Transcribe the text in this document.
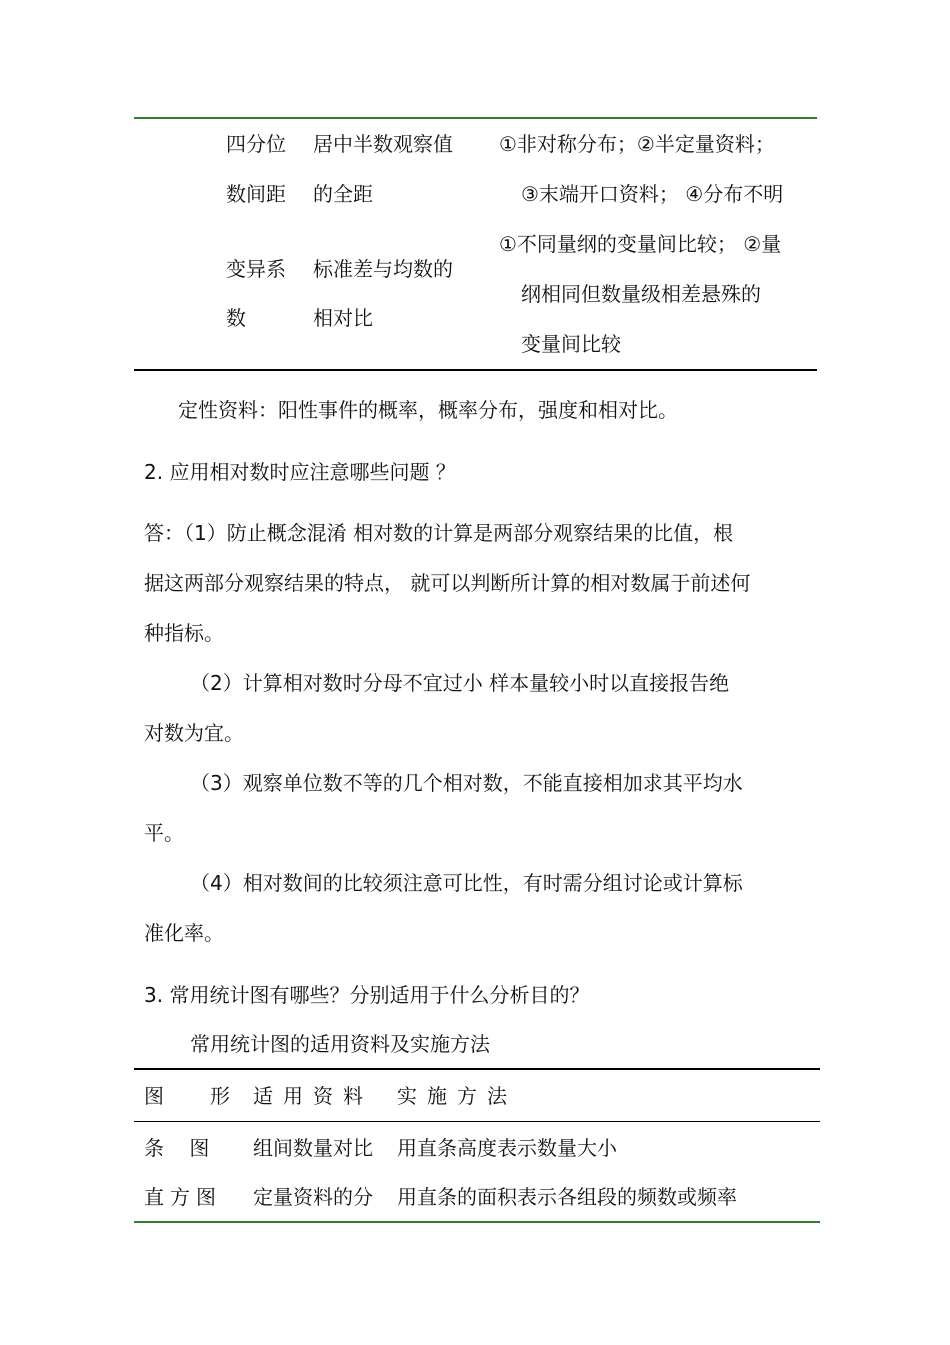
四分位
数间距
居中半数观察值
的全距
①非对称分布；②半定量资料；
③末端开口资料； ④分布不明
变异系
数
标准差与均数的
相对比
①不同量纲的变量间比较； ②量
纲相同但数量级相差悬殊的
变量间比较
定性资料：阳性事件的概率，概率分布，强度和相对比。
2. 应用相对数时应注意哪些问题 ？
答：（1）防止概念混淆 相对数的计算是两部分观察结果的比值，根
据这两部分观察结果的特点， 就可以判断所计算的相对数属于前述何
种指标。
（2）计算相对数时分母不宜过小 样本量较小时以直接报告绝
对数为宜。
（3）观察单位数不等的几个相对数，不能直接相加求其平均水
平。
（4）相对数间的比较须注意可比性，有时需分组讨论或计算标
准化率。
3. 常用统计图有哪些？分别适用于什么分析目的？
常用统计图的适用资料及实施方法
图 形 适用资料 实施方法
条    图 组间数量对比 用直条高度表示数量大小
直方图 定量资料的分 用直条的面积表示各组段的频数或频率
